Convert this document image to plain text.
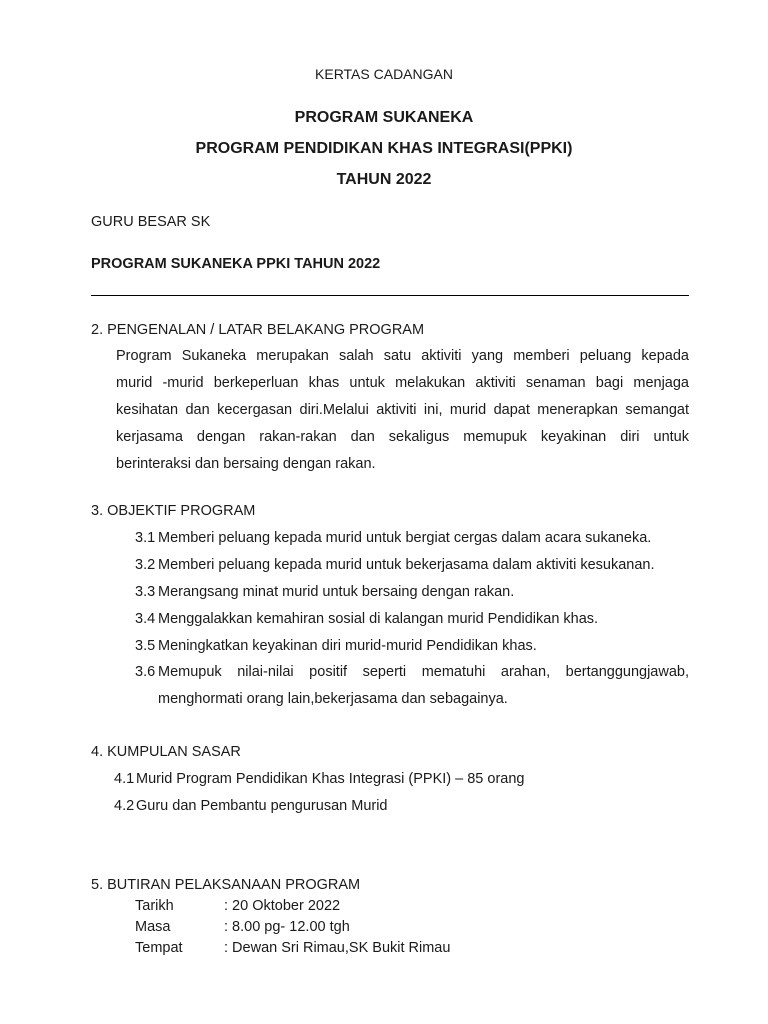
KERTAS CADANGAN
PROGRAM SUKANEKA
PROGRAM PENDIDIKAN KHAS INTEGRASI(PPKI)
TAHUN 2022
GURU BESAR SK
PROGRAM SUKANEKA PPKI TAHUN 2022
2. PENGENALAN / LATAR BELAKANG PROGRAM
Program Sukaneka merupakan salah satu aktiviti yang memberi peluang kepada
murid -murid berkeperluan khas untuk melakukan aktiviti senaman bagi menjaga
kesihatan dan kecergasan diri.Melalui aktiviti ini, murid dapat menerapkan semangat
kerjasama dengan rakan-rakan dan sekaligus memupuk keyakinan diri untuk
berinteraksi dan bersaing dengan rakan.
3. OBJEKTIF PROGRAM
3.1 Memberi peluang kepada murid untuk bergiat cergas dalam acara sukaneka.
3.2 Memberi peluang kepada murid untuk bekerjasama dalam aktiviti kesukanan.
3.3 Merangsang minat murid untuk bersaing dengan rakan.
3.4 Menggalakkan kemahiran sosial di kalangan murid Pendidikan khas.
3.5 Meningkatkan keyakinan diri murid-murid Pendidikan khas.
3.6 Memupuk nilai-nilai positif seperti mematuhi arahan, bertanggungjawab,
menghormati orang lain,bekerjasama dan sebagainya.
4. KUMPULAN SASAR
4.1 Murid Program Pendidikan Khas Integrasi (PPKI) – 85 orang
4.2 Guru dan Pembantu pengurusan Murid
5. BUTIRAN PELAKSANAAN PROGRAM
Tarikh	: 20 Oktober 2022
Masa	: 8.00 pg- 12.00 tgh
Tempat	: Dewan Sri Rimau,SK Bukit Rimau
